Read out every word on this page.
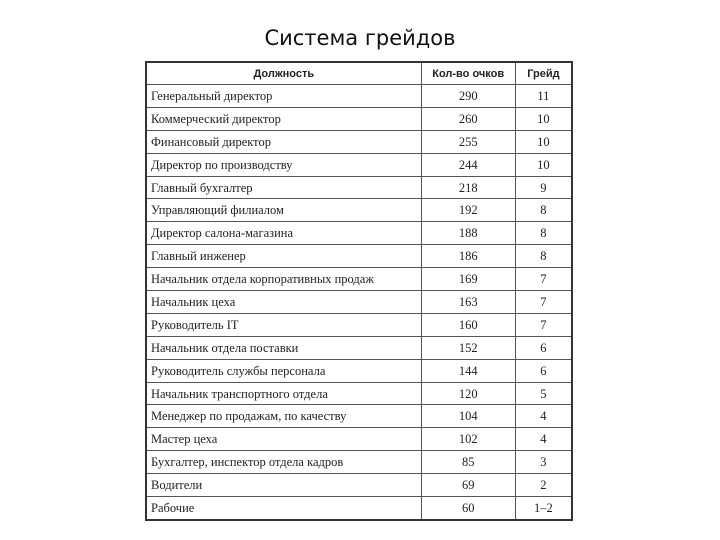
Система грейдов
Должность	Кол-во очков	Грейд
Генеральный директор	290	11
Коммерческий директор	260	10
Финансовый директор	255	10
Директор по производству	244	10
Главный бухгалтер	218	9
Управляющий филиалом	192	8
Директор салона-магазина	188	8
Главный инженер	186	8
Начальник отдела корпоративных продаж	169	7
Начальник цеха	163	7
Руководитель IT	160	7
Начальник отдела поставки	152	6
Руководитель службы персонала	144	6
Начальник транспортного отдела	120	5
Менеджер по продажам, по качеству	104	4
Мастер цеха	102	4
Бухгалтер, инспектор отдела кадров	85	3
Водители	69	2
Рабочие	60	1–2
